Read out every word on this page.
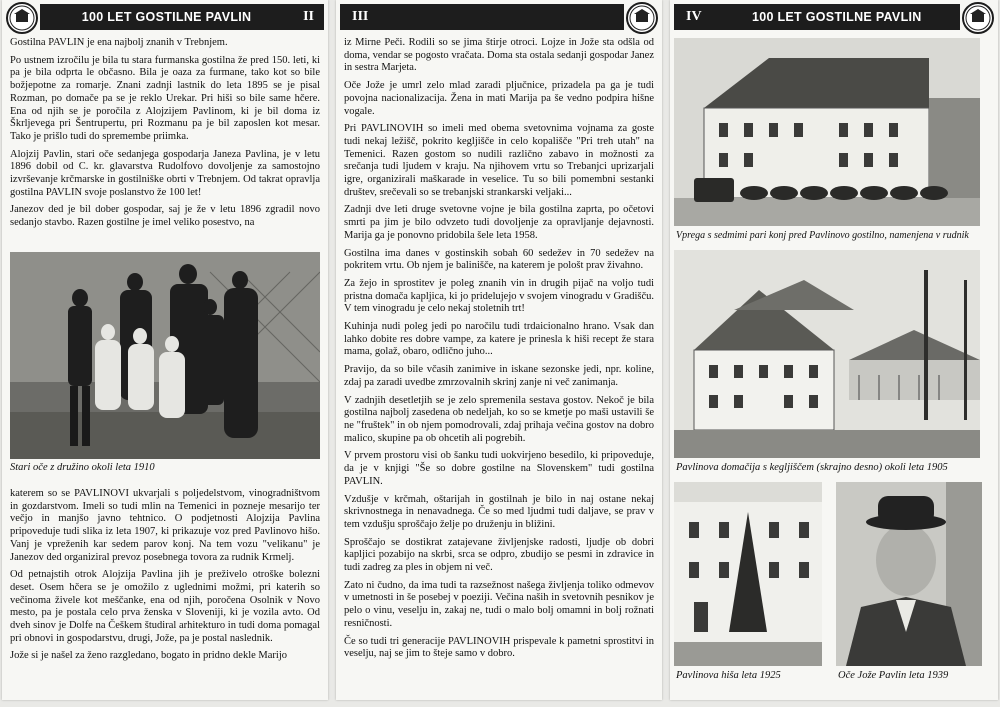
100 LET GOSTILNE PAVLIN	II

Gostilna PAVLIN je ena najbolj znanih v Trebnjem.

Po ustnem izročilu je bila tu stara furmanska gostilna že pred 150. leti, ki pa je bila odprta le občasno. Bila je oaza za furmane, tako kot so bile božjepotne za romarje. Znani zadnji lastnik do leta 1895 se je pisal Rozman, po domače pa se je reklo Urekar. Pri hiši so bile same hčere. Ena od njih se je poročila z Alojzijem Pavlinom, ki je bil doma iz Škrljevega pri Šentrupertu, pri Rozmanu pa je bil zaposlen kot mesar. Tako je prišlo tudi do spremembe priimka.

Alojzij Pavlin, stari oče sedanjega gospodarja Janeza Pavlina, je v letu 1896 dobil od C. kr. glavarstva Rudolfovo dovoljenje za samostojno izvrševanje krčmarske in gostilniške obrti v Trebnjem. Od takrat opravlja gostilna PAVLIN svoje poslanstvo že 100 let!

Janezov ded je bil dober gospodar, saj je že v letu 1896 zgradil novo sedanjo stavbo. Razen gostilne je imel veliko posestvo, na

Stari oče z družino okoli leta 1910

katerem so se PAVLINOVI ukvarjali s poljedelstvom, vinogradništvom in gozdarstvom. Imeli so tudi mlin na Temenici in pozneje mesarijo ter večjo in manjšo javno tehtnico. O podjetnosti Alojzija Pavlina pripoveduje tudi slika iz leta 1907, ki prikazuje voz pred Pavlinovo hišo. Vanj je vpreženih kar sedem parov konj. Na tem vozu "velikanu" je Janezov ded organiziral prevoz posebnega tovora za rudnik Krmelj.

Od petnajstih otrok Alojzija Pavlina jih je preživelo otroške bolezni deset. Osem hčera se je omožilo z uglednimi možmi, pri katerih so večinoma živele kot meščanke, ena od njih, poročena Osolnik v Novo mesto, pa je postala celo prva ženska v Sloveniji, ki je vozila avto. Od dveh sinov je Dolfe na Češkem študiral arhitekturo in tudi doma pomagal pri obnovi in gospodarstvu, drugi, Jože, pa je postal naslednik.

Jože si je našel za ženo razgledano, bogato in pridno dekle Marijo

III

iz Mirne Peči. Rodili so se jima štirje otroci. Lojze in Jože sta odšla od doma, vendar se pogosto vračata. Doma sta ostala sedanji gospodar Janez in sestra Marjeta.

Oče Jože je umrl zelo mlad zaradi pljučnice, prizadela pa ga je tudi povojna nacionalizacija. Žena in mati Marija pa še vedno podpira hišne vogale.

Pri PAVLINOVIH so imeli med obema svetovnima vojnama za goste tudi nekaj ležišč, pokrito kegljišče in celo kopališče "Pri treh utah" na Temenici. Razen gostom so nudili različno zabavo in možnosti za srečanja tudi ljudem v kraju. Na njihovem vrtu so Trebanjci uprizarjali igre, organizirali maškarade in veselice. Tu so bili pomembni sestanki društev, srečevali so se trebanjski strankarski veljaki...

Zadnji dve leti druge svetovne vojne je bila gostilna zaprta, po očetovi smrti pa jim je bilo odvzeto tudi dovoljenje za opravljanje dejavnosti. Marija ga je ponovno pridobila šele leta 1958.

Gostilna ima danes v gostinskih sobah 60 sedežev in 70 sedežev na pokritem vrtu. Ob njem je balinišče, na katerem je pološt prav živahno.

Za žejo in sprostitev je poleg znanih vin in drugih pijač na voljo tudi pristna domača kapljica, ki jo pridelujejo v svojem vinogradu v Gradišču. V tem vinogradu je celo nekaj stoletnih trt!

Kuhinja nudi poleg jedi po naročilu tudi trdaicionalno hrano. Vsak dan lahko dobite res dobre vampe, za katere je prinesla k hiši recept že stara mama, golaž, obaro, odlično juho...

Pravijo, da so bile včasih zanimive in iskane sezonske jedi, npr. koline, zdaj pa zaradi uvedbe zmrzovalnih skrinj zanje ni več zanimanja.

V zadnjih desetletjih se je zelo spremenila sestava gostov. Nekoč je bila gostilna najbolj zasedena ob nedeljah, ko so se kmetje po maši ustavili še ne "fruštek" in ob njem pomodrovali, zdaj prihaja večina gostov na dobro malico, skupine pa ob ohcetih ali pogrebih.

V prvem prostoru visi ob šanku tudi uokvirjeno besedilo, ki pripoveduje, da je v knjigi "Še so dobre gostilne na Slovenskem" tudi gostilna PAVLIN.

Vzdušje v krčmah, oštarijah in gostilnah je bilo in naj ostane nekaj skrivnostnega in nenavadnega. Če so med ljudmi tudi daljave, se prav v tem vzdušju sproščajo želje po druženju in bližini.

Sproščajo se dostikrat zatajevane življenjske radosti, ljudje ob dobri kapljici pozabijo na skrbi, srca se odpro, zbudijo se pesmi in zdravice in tudi zadreg za ples in objem ni več.

Zato ni čudno, da ima tudi ta razsežnost našega življenja toliko odmevov v umetnosti in še posebej v poeziji. Večina naših in svetovnih pesnikov je pelo o vinu, veselju in, zakaj ne, tudi o malo bolj omamni in bolj rožnati resničnosti.

Če so tudi tri generacije PAVLINOVIH prispevale k pametni sprostitvi in veselju, naj se jim to šteje samo v dobro.

IV	100 LET GOSTILNE PAVLIN
Vprega s sedmimi pari konj pred Pavlinovo gostilno, namenjena v rudnik
Pavlinova domačija s kegljiščem (skrajno desno) okoli leta 1905
Pavlinova hiša leta 1925	Oče Jože Pavlin leta 1939
